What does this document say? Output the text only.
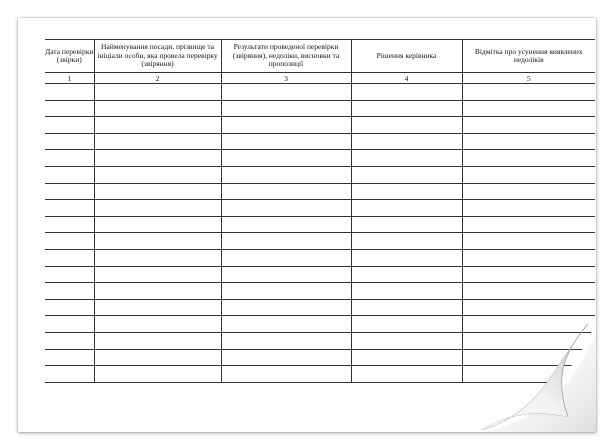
Дата перевірки (звірки)	Найменування посади, прізвище та ініціали особи, яка провела перевірку (звіряння)	Результати проведеної перевірки (звіряння), недоліки, висновки та пропозиції	Рішення керівника	Відмітка про усунення виявлених недоліків
1	2	3	4	5
